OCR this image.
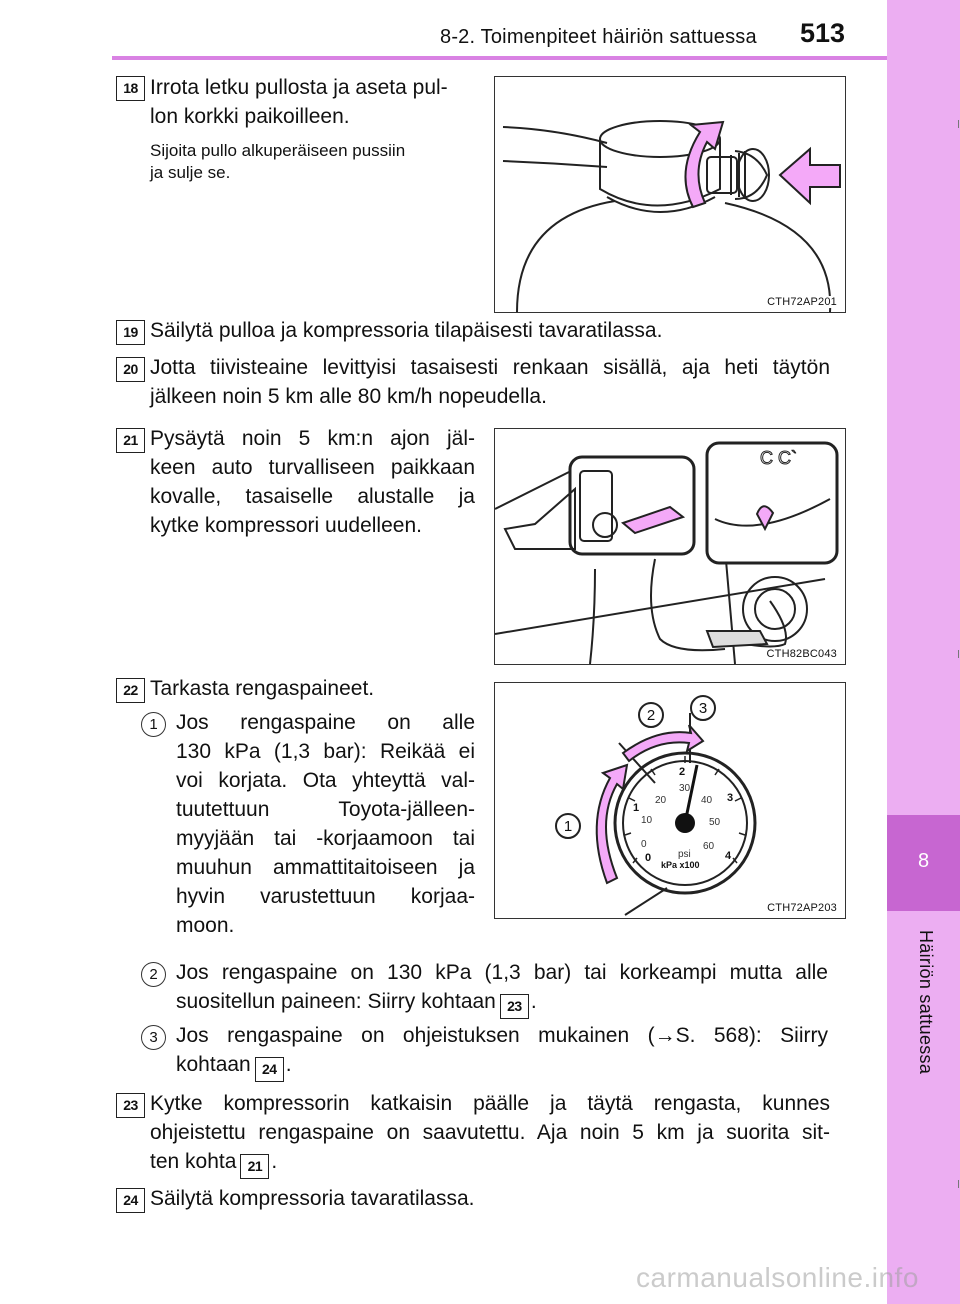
8-2. Toimenpiteet häiriön sattuessa 513
8
Häiriön sattuessa
18 Irrota letku pullosta ja aseta pul-
lon korkki paikoilleen.
Sijoita pullo alkuperäiseen pussiin
ja sulje se.
CTH72AP201
19 Säilytä pulloa ja kompressoria tilapäisesti tavaratilassa.
20 Jotta tiivisteaine levittyisi tasaisesti renkaan sisällä, aja heti täytön
jälkeen noin 5 km alle 80 km/h nopeudella.
21 Pysäytä noin 5 km:n ajon jäl-
keen auto turvalliseen paikkaan
kovalle, tasaiselle alustalle ja
kytke kompressori uudelleen.
C C`
CTH82BC043
22 Tarkasta rengaspaineet.
1 Jos rengaspaine on alle
130 kPa (1,3 bar): Reikää ei
voi korjata. Ota yhteyttä val-
tuutettuun Toyota-jälleen-
myyjään tai -korjaamoon tai
muuhun ammattitaitoiseen ja
hyvin varustettuun korjaa-
moon.
0
10
20
30
40
50
60
psi
0
1
2
3
4
kPa x100
1
2	3
CTH72AP203
2 Jos rengaspaine on 130 kPa (1,3 bar) tai korkeampi mutta alle
suositellun paineen: Siirry kohtaan 23 .
3 Jos rengaspaine on ohjeistuksen mukainen (→S. 568): Siirry
kohtaan 24 .
23 Kytke kompressorin katkaisin päälle ja täytä rengasta, kunnes
ohjeistettu rengaspaine on saavutettu. Aja noin 5 km ja suorita sit-
ten kohta 21 .
24 Säilytä kompressoria tavaratilassa.
carmanualsonline.info
